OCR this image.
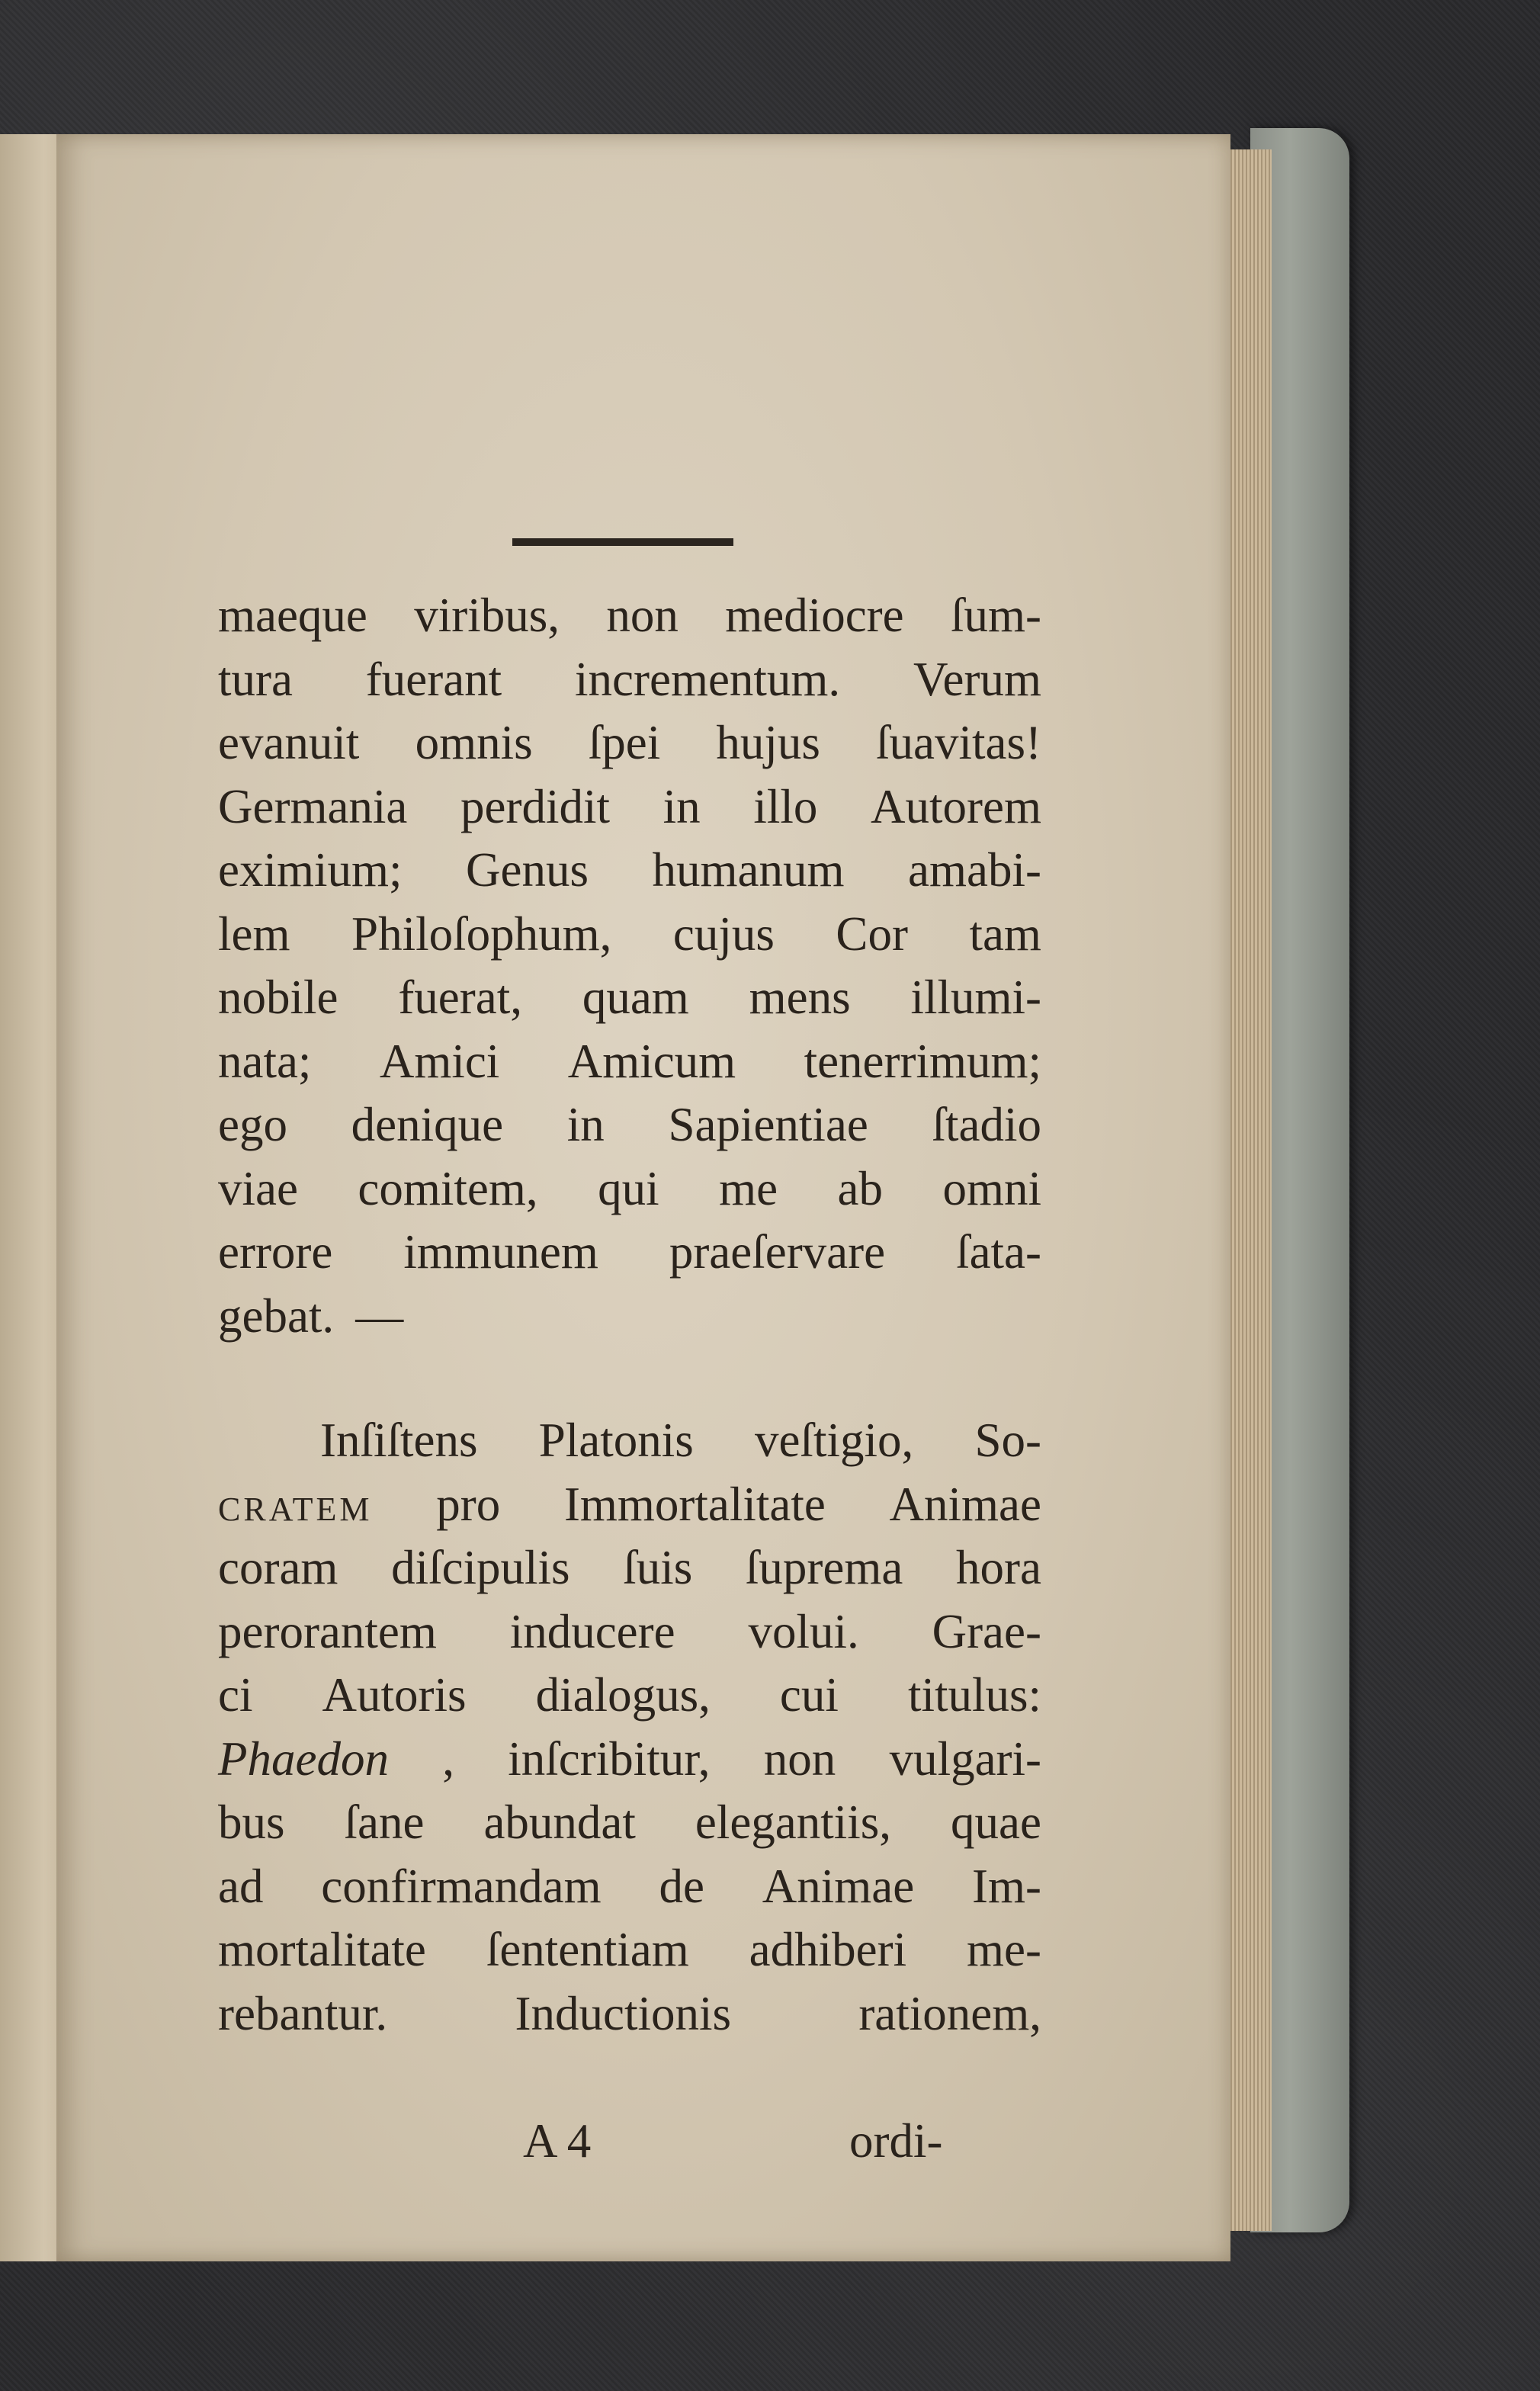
maeque viribus, non mediocre ſum-
tura fuerant incrementum. Verum
evanuit omnis ſpei hujus ſuavitas!
Germania perdidit in illo Autorem
eximium; Genus humanum amabi-
lem Philoſophum, cujus Cor tam
nobile fuerat, quam mens illumi-
nata; Amici Amicum tenerrimum;
ego denique in Sapientiae ſtadio
viae comitem, qui me ab omni
errore immunem praeſervare ſata-
gebat. —
Inſiſtens Platonis veſtigio, So-
cratem pro Immortalitate Animae
coram diſcipulis ſuis ſuprema hora
perorantem inducere volui. Grae-
ci Autoris dialogus, cui titulus:
Phaedon , inſcribitur, non vulgari-
bus ſane abundat elegantiis, quae
ad confirmandam de Animae Im-
mortalitate ſententiam adhiberi me-
rebantur.	Inductionis	rationem,
A 4	ordi-
